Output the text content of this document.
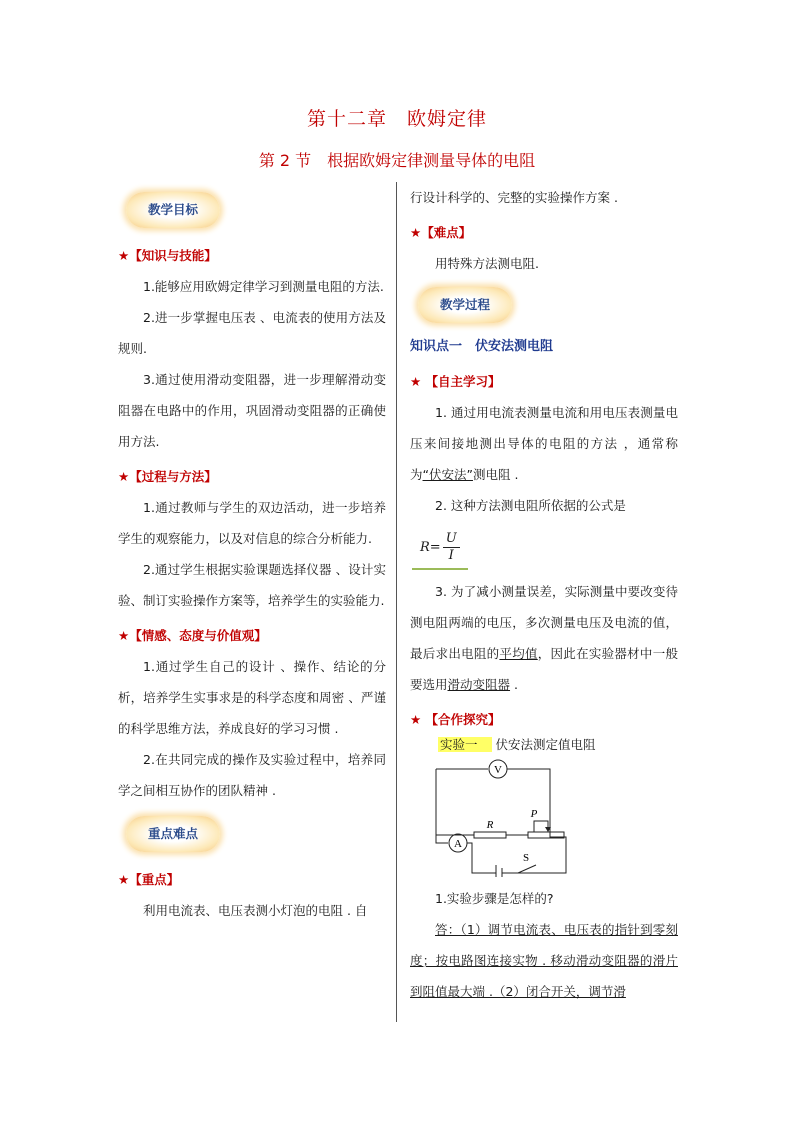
第十二章　欧姆定律
第 2 节　根据欧姆定律测量导体的电阻
教学目标
★【知识与技能】

1.能够应用欧姆定律学习到测量电阻的方法.

2.进一步掌握电压表 、电流表的使用方法及规则.

3.通过使用滑动变阻器，进一步理解滑动变阻器在电路中的作用，巩固滑动变阻器的正确使用方法.

★【过程与方法】

1.通过教师与学生的双边活动，进一步培养学生的观察能力，以及对信息的综合分析能力.

2.通过学生根据实验课题选择仪器 、设计实验、制订实验操作方案等，培养学生的实验能力.

★【情感、态度与价值观】

1.通过学生自己的设计 、操作、结论的分析，培养学生实事求是的科学态度和周密 、严谨的科学思维方法，养成良好的学习习惯 .

2.在共同完成的操作及实验过程中，培养同学之间相互协作的团队精神 .

重点难点
★【重点】

利用电流表、电压表测小灯泡的电阻 . 自

行设计科学的、完整的实验操作方案 .

★【难点】

用特殊方法测电阻.

教学过程
知识点一　伏安法测电阻
★ 【自主学习】

1. 通过用电流表测量电流和用电压表测量电压来间接地测出导体的电阻的方法 ，通常称为“伏安法”测电阻 .

2. 这种方法测电阻所依据的公式是

$R= \frac{U}{I}$

3. 为了减小测量误差，实际测量中要改变待测电阻两端的电压，多次测量电压及电流的值，最后求出电阻的平均值，因此在实验器材中一般要选用滑动变阻器 .

★ 【合作探究】
实验一 伏安法测定值电阻
V
A
R
P
S

1.实验步骤是怎样的?

答：（1）调节电流表、电压表的指针到零刻度；按电路图连接实物 . 移动滑动变阻器的滑片到阻值最大端 .（2）闭合开关，调节滑
